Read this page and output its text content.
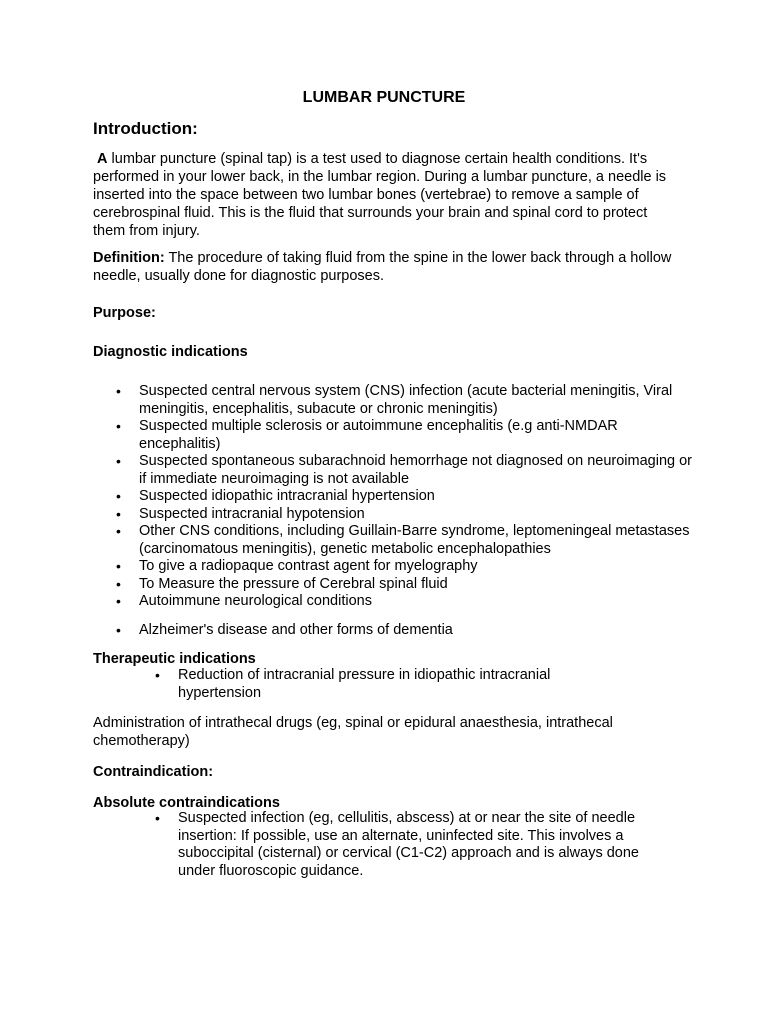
LUMBAR PUNCTURE
Introduction:
A lumbar puncture (spinal tap) is a test used to diagnose certain health conditions. It's performed in your lower back, in the lumbar region. During a lumbar puncture, a needle is inserted into the space between two lumbar bones (vertebrae) to remove a sample of cerebrospinal fluid. This is the fluid that surrounds your brain and spinal cord to protect them from injury.
Definition: The procedure of taking fluid from the spine in the lower back through a hollow needle, usually done for diagnostic purposes.
Purpose:
Diagnostic indications
• Suspected central nervous system (CNS) infection (acute bacterial meningitis, Viral meningitis, encephalitis, subacute or chronic meningitis)
• Suspected multiple sclerosis or autoimmune encephalitis (e.g anti-NMDAR encephalitis)
• Suspected spontaneous subarachnoid hemorrhage not diagnosed on neuroimaging or if immediate neuroimaging is not available
• Suspected idiopathic intracranial hypertension
• Suspected intracranial hypotension
• Other CNS conditions, including Guillain-Barre syndrome, leptomeningeal metastases (carcinomatous meningitis), genetic metabolic encephalopathies
• To give a radiopaque contrast agent for myelography
• To Measure the pressure of Cerebral spinal fluid
• Autoimmune neurological conditions
• Alzheimer's disease and other forms of dementia
Therapeutic indications
• Reduction of intracranial pressure in idiopathic intracranial hypertension
Administration of intrathecal drugs (eg, spinal or epidural anaesthesia, intrathecal chemotherapy)
Contraindication:
Absolute contraindications
• Suspected infection (eg, cellulitis, abscess) at or near the site of needle insertion: If possible, use an alternate, uninfected site. This involves a suboccipital (cisternal) or cervical (C1-C2) approach and is always done under fluoroscopic guidance.
